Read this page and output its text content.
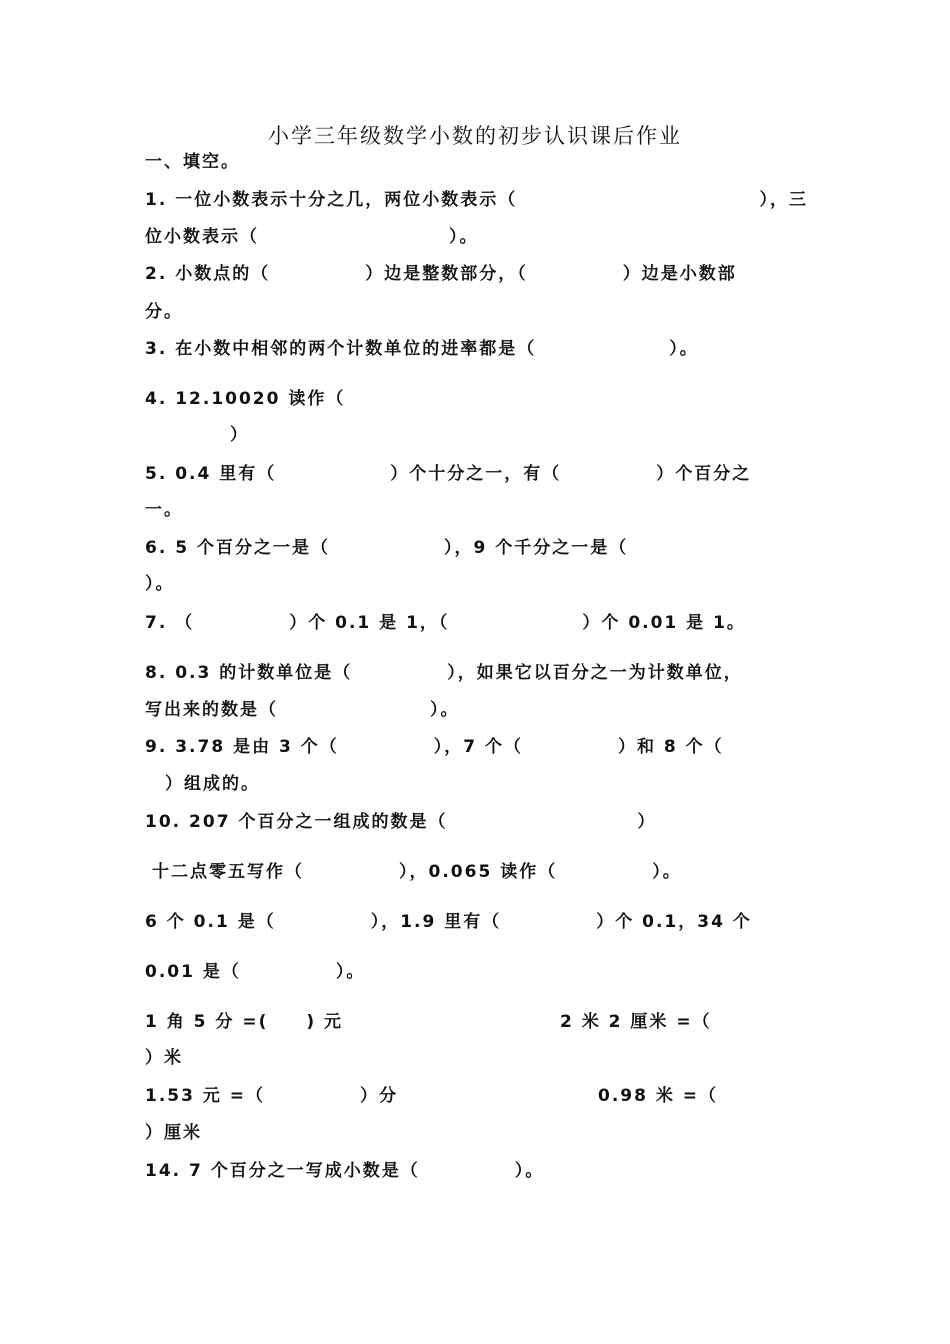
小学三年级数学小数的初步认识课后作业
一、填空。
1. 一位小数表示十分之几，两位小数表示（	），三
位小数表示（　　　　　　　　　　）。
2. 小数点的（　　　　　）边是整数部分，（　　　　　）边是小数部
分。
3. 在小数中相邻的两个计数单位的进率都是（　　　　　　　）。
4. 12.10020 读作（
）
5. 0.4 里有（　　　　　　）个十分之一，有（　　　　　）个百分之
一。
6. 5 个百分之一是（　　　　　　），9 个千分之一是（
）。
7. （　　　　　）个 0.1 是 1，（　　　　　　　）个 0.01 是 1。
8. 0.3 的计数单位是（　　　　　），如果它以百分之一为计数单位，
写出来的数是（　　　　　　　　）。
9. 3.78 是由 3 个（　　　　　），7 个（　　　　　）和 8 个（
）组成的。
10. 207 个百分之一组成的数是（　　　　　　　　　　）
十二点零五写作（　　　　　），0.065 读作（　　　　　）。
6 个 0.1 是（　　　　　），1.9 里有（　　　　　）个 0.1，34 个
0.01 是（　　　　　）。
1 角 5 分 =(　　) 元	2 米 2 厘米 =（
）米
1.53 元 =（　　　　　）分	0.98 米 =（
）厘米
14. 7 个百分之一写成小数是（　　　　　）。
